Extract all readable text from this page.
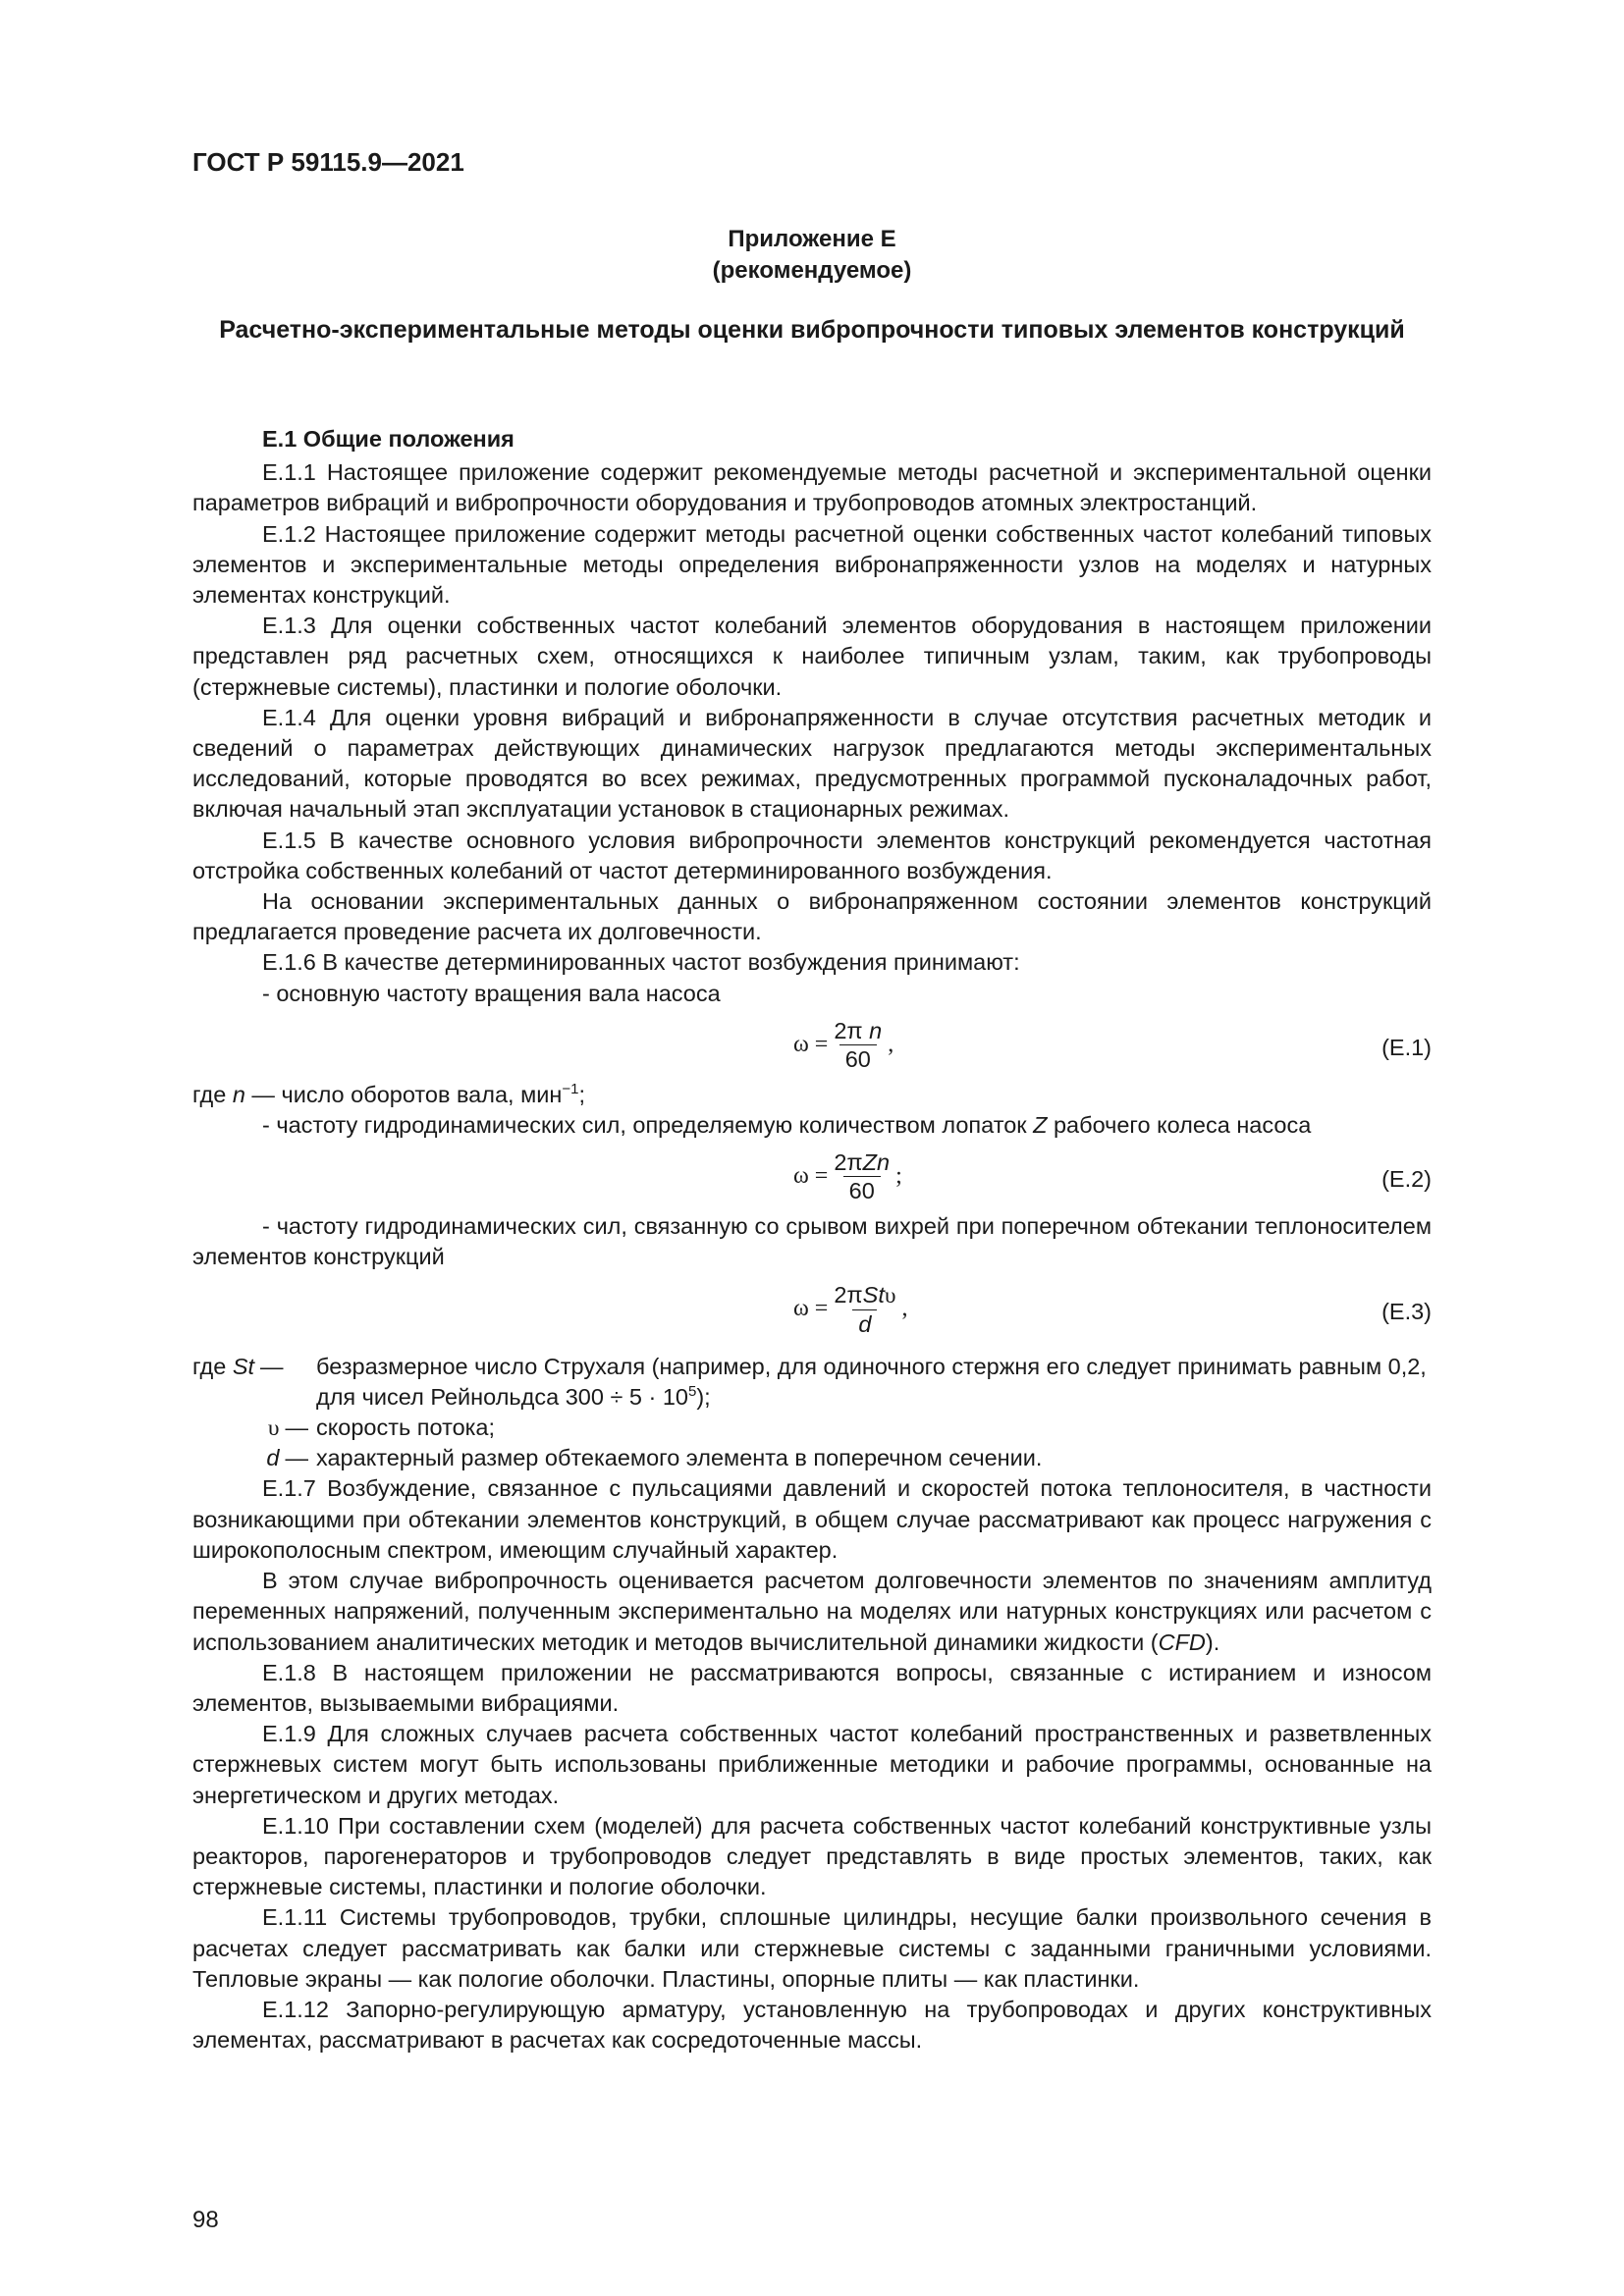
ГОСТ Р 59115.9—2021
Приложение Е
(рекомендуемое)
Расчетно-экспериментальные методы оценки вибропрочности типовых элементов конструкций
Е.1 Общие положения

Е.1.1 Настоящее приложение содержит рекомендуемые методы расчетной и экспериментальной оценки параметров вибраций и вибропрочности оборудования и трубопроводов атомных электростанций.

Е.1.2 Настоящее приложение содержит методы расчетной оценки собственных частот колебаний типовых элементов и экспериментальные методы определения вибронапряженности узлов на моделях и натурных элементах конструкций.

Е.1.3 Для оценки собственных частот колебаний элементов оборудования в настоящем приложении представлен ряд расчетных схем, относящихся к наиболее типичным узлам, таким, как трубопроводы (стержневые системы), пластинки и пологие оболочки.

Е.1.4 Для оценки уровня вибраций и вибронапряженности в случае отсутствия расчетных методик и сведений о параметрах действующих динамических нагрузок предлагаются методы экспериментальных исследований, которые проводятся во всех режимах, предусмотренных программой пусконаладочных работ, включая начальный этап эксплуатации установок в стационарных режимах.

Е.1.5 В качестве основного условия вибропрочности элементов конструкций рекомендуется частотная отстройка собственных колебаний от частот детерминированного возбуждения.

На основании экспериментальных данных о вибронапряженном состоянии элементов конструкций предлагается проведение расчета их долговечности.

Е.1.6 В качестве детерминированных частот возбуждения принимают:

- основную частоту вращения вала насоса

$\omega = \frac{\text{2π n}}{60}$ ,	(Е.1)

где n — число оборотов вала, мин$^{-1}$;

- частоту гидродинамических сил, определяемую количеством лопаток Z рабочего колеса насоса

$\omega = \frac{\text{2πZn}}{60}$ ;	(Е.2)

- частоту гидродинамических сил, связанную со срывом вихрей при поперечном обтекании теплоносителем элементов конструкций

$\omega = \frac{\text{2πStυ}}{d}$ ,	(Е.3)
где St —	безразмерное число Струхаля (например, для одиночного стержня его следует принимать равным 0,2, для чисел Рейнольдса $300 \div 5 \cdot 10^5$);
υ — скорость потока;
d — характерный размер обтекаемого элемента в поперечном сечении.

Е.1.7 Возбуждение, связанное с пульсациями давлений и скоростей потока теплоносителя, в частности возникающими при обтекании элементов конструкций, в общем случае рассматривают как процесс нагружения с широкополосным спектром, имеющим случайный характер.

В этом случае вибропрочность оценивается расчетом долговечности элементов по значениям амплитуд переменных напряжений, полученным экспериментально на моделях или натурных конструкциях или расчетом с использованием аналитических методик и методов вычислительной динамики жидкости (CFD).

Е.1.8 В настоящем приложении не рассматриваются вопросы, связанные с истиранием и износом элементов, вызываемыми вибрациями.

Е.1.9 Для сложных случаев расчета собственных частот колебаний пространственных и разветвленных стержневых систем могут быть использованы приближенные методики и рабочие программы, основанные на энергетическом и других методах.

Е.1.10 При составлении схем (моделей) для расчета собственных частот колебаний конструктивные узлы реакторов, парогенераторов и трубопроводов следует представлять в виде простых элементов, таких, как стержневые системы, пластинки и пологие оболочки.

Е.1.11 Системы трубопроводов, трубки, сплошные цилиндры, несущие балки произвольного сечения в расчетах следует рассматривать как балки или стержневые системы с заданными граничными условиями. Тепловые экраны — как пологие оболочки. Пластины, опорные плиты — как пластинки.

Е.1.12 Запорно-регулирующую арматуру, установленную на трубопроводах и других конструктивных элементах, рассматривают в расчетах как сосредоточенные массы.

98
